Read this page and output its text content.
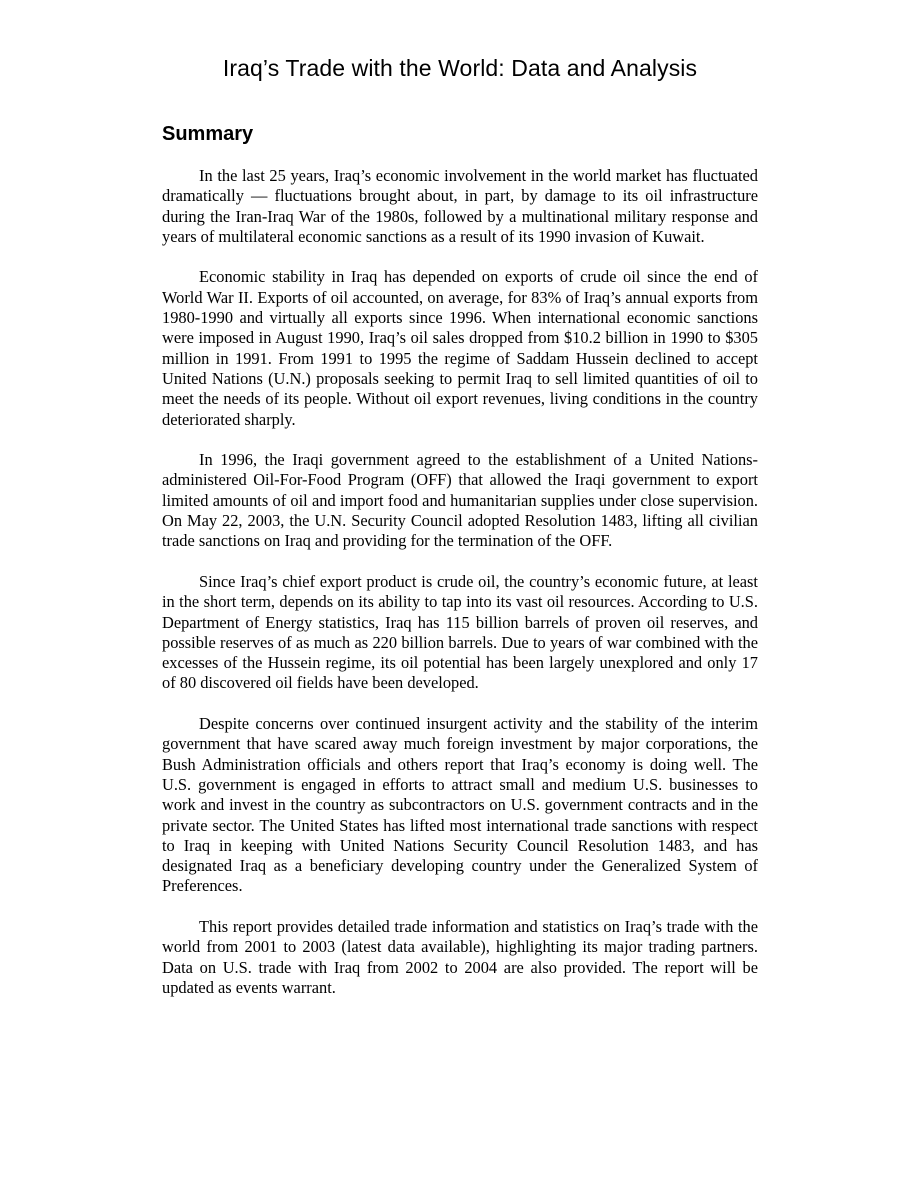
Iraq’s Trade with the World: Data and Analysis
Summary

In the last 25 years, Iraq’s economic involvement in the world market has fluctuated dramatically — fluctuations brought about, in part, by damage to its oil infrastructure during the Iran-Iraq War of the 1980s, followed by a multinational military response and years of multilateral economic sanctions as a result of its 1990 invasion of Kuwait.

Economic stability in Iraq has depended on exports of crude oil since the end of World War II. Exports of oil accounted, on average, for 83% of Iraq’s annual exports from 1980-1990 and virtually all exports since 1996. When international economic sanctions were imposed in August 1990, Iraq’s oil sales dropped from $10.2 billion in 1990 to $305 million in 1991. From 1991 to 1995 the regime of Saddam Hussein declined to accept United Nations (U.N.) proposals seeking to permit Iraq to sell limited quantities of oil to meet the needs of its people. Without oil export revenues, living conditions in the country deteriorated sharply.

In 1996, the Iraqi government agreed to the establishment of a United Nations-administered Oil-For-Food Program (OFF) that allowed the Iraqi government to export limited amounts of oil and import food and humanitarian supplies under close supervision. On May 22, 2003, the U.N. Security Council adopted Resolution 1483, lifting all civilian trade sanctions on Iraq and providing for the termination of the OFF.

Since Iraq’s chief export product is crude oil, the country’s economic future, at least in the short term, depends on its ability to tap into its vast oil resources. According to U.S. Department of Energy statistics, Iraq has 115 billion barrels of proven oil reserves, and possible reserves of as much as 220 billion barrels. Due to years of war combined with the excesses of the Hussein regime, its oil potential has been largely unexplored and only 17 of 80 discovered oil fields have been developed.

Despite concerns over continued insurgent activity and the stability of the interim government that have scared away much foreign investment by major corporations, the Bush Administration officials and others report that Iraq’s economy is doing well. The U.S. government is engaged in efforts to attract small and medium U.S. businesses to work and invest in the country as subcontractors on U.S. government contracts and in the private sector. The United States has lifted most international trade sanctions with respect to Iraq in keeping with United Nations Security Council Resolution 1483, and has designated Iraq as a beneficiary developing country under the Generalized System of Preferences.

This report provides detailed trade information and statistics on Iraq’s trade with the world from 2001 to 2003 (latest data available), highlighting its major trading partners. Data on U.S. trade with Iraq from 2002 to 2004 are also provided. The report will be updated as events warrant.
